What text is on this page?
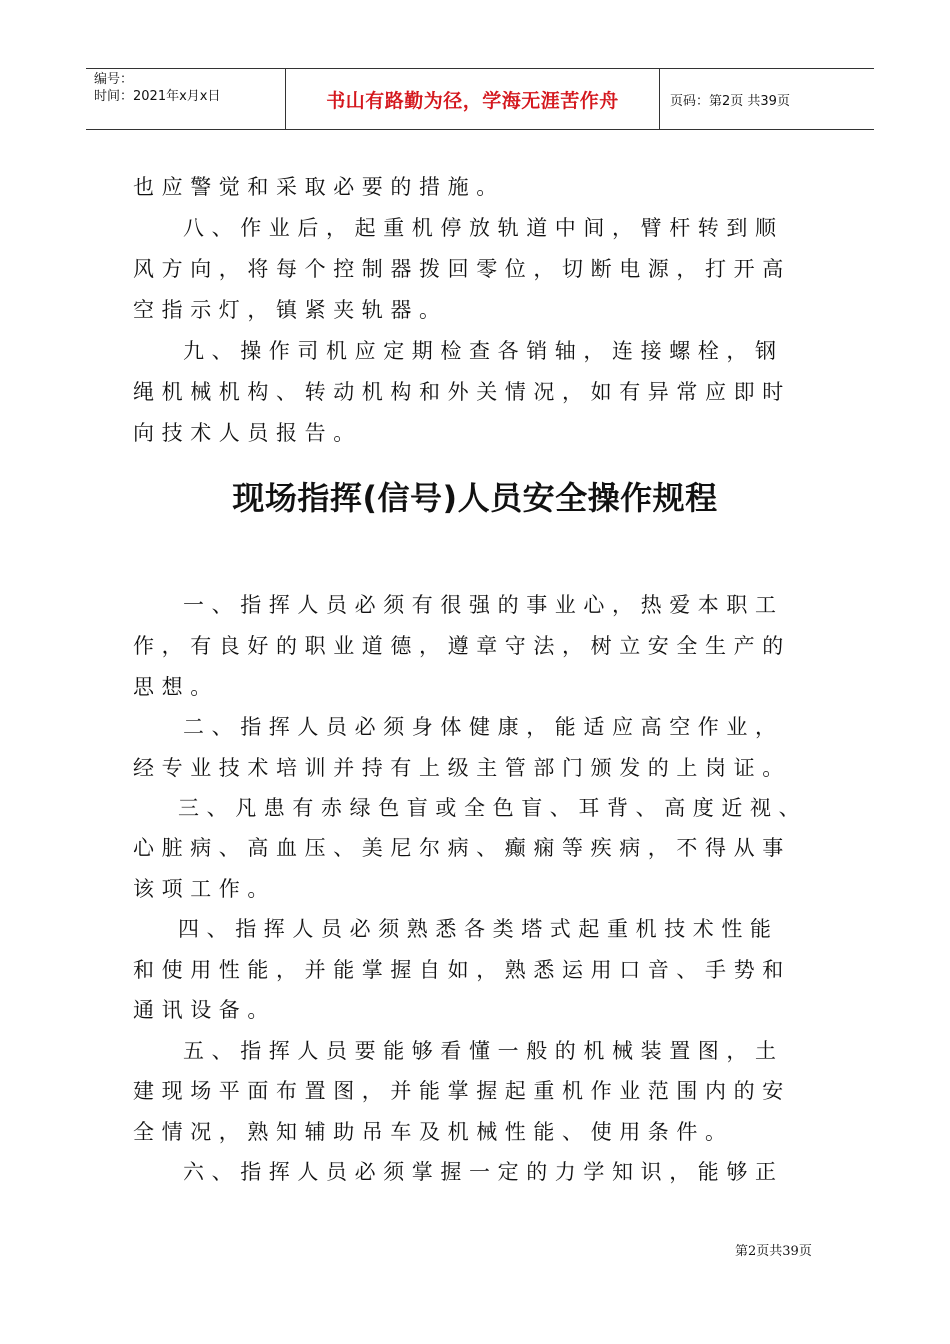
编号：
时间：2021年x月x日	书山有路勤为径，学海无涯苦作舟	页码：第2页 共39页
也应警觉和采取必要的措施。
八、作业后，起重机停放轨道中间，臂杆转到顺
风方向，将每个控制器拨回零位，切断电源，打开高
空指示灯，镇紧夹轨器。
九、操作司机应定期检查各销轴，连接螺栓，钢
绳机械机构、转动机构和外关情况，如有异常应即时
向技术人员报告。
现场指挥(信号)人员安全操作规程
一、指挥人员必须有很强的事业心，热爱本职工
作，有良好的职业道德，遵章守法，树立安全生产的
思想。
二、指挥人员必须身体健康，能适应高空作业，
经专业技术培训并持有上级主管部门颁发的上岗证。
三、凡患有赤绿色盲或全色盲、耳背、高度近视、
心脏病、高血压、美尼尔病、癫痫等疾病，不得从事
该项工作。
四、指挥人员必须熟悉各类塔式起重机技术性能
和使用性能，并能掌握自如，熟悉运用口音、手势和
通讯设备。
五、指挥人员要能够看懂一般的机械装置图，土
建现场平面布置图，并能掌握起重机作业范围内的安
全情况，熟知辅助吊车及机械性能、使用条件。
六、指挥人员必须掌握一定的力学知识，能够正
第2页共39页
